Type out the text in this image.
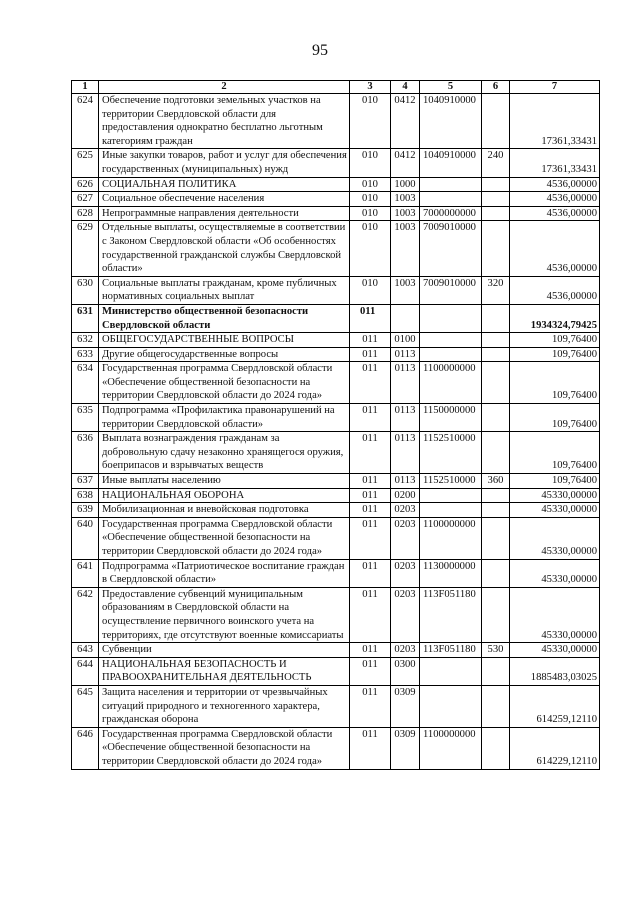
95
1	2	3	4	5	6	7
624	Обеспечение подготовки земельных участков на территории Свердловской области для предоставления однократно бесплатно льготным категориям граждан	010	0412	1040910000		17361,33431
625	Иные закупки товаров, работ и услуг для обеспечения государственных (муниципальных) нужд	010	0412	1040910000	240	17361,33431
626	СОЦИАЛЬНАЯ ПОЛИТИКА	010	1000			4536,00000
627	Социальное обеспечение населения	010	1003			4536,00000
628	Непрограммные направления деятельности	010	1003	7000000000		4536,00000
629	Отдельные выплаты, осуществляемые в соответствии с Законом Свердловской области «Об особенностях государственной гражданской службы Свердловской области»	010	1003	7009010000		4536,00000
630	Социальные выплаты гражданам, кроме публичных нормативных социальных выплат	010	1003	7009010000	320	4536,00000
631	Министерство общественной безопасности Свердловской области	011				1934324,79425
632	ОБЩЕГОСУДАРСТВЕННЫЕ ВОПРОСЫ	011	0100			109,76400
633	Другие общегосударственные вопросы	011	0113			109,76400
634	Государственная программа Свердловской области «Обеспечение общественной безопасности на территории Свердловской области до 2024 года»	011	0113	1100000000		109,76400
635	Подпрограмма «Профилактика правонарушений на территории Свердловской области»	011	0113	1150000000		109,76400
636	Выплата вознаграждения гражданам за добровольную сдачу незаконно хранящегося оружия, боеприпасов и взрывчатых веществ	011	0113	1152510000		109,76400
637	Иные выплаты населению	011	0113	1152510000	360	109,76400
638	НАЦИОНАЛЬНАЯ ОБОРОНА	011	0200			45330,00000
639	Мобилизационная и вневойсковая подготовка	011	0203			45330,00000
640	Государственная программа Свердловской области «Обеспечение общественной безопасности на территории Свердловской области до 2024 года»	011	0203	1100000000		45330,00000
641	Подпрограмма «Патриотическое воспитание граждан в Свердловской области»	011	0203	1130000000		45330,00000
642	Предоставление субвенций муниципальным образованиям в Свердловской области на осуществление первичного воинского учета на территориях, где отсутствуют военные комиссариаты	011	0203	113F051180		45330,00000
643	Субвенции	011	0203	113F051180	530	45330,00000
644	НАЦИОНАЛЬНАЯ БЕЗОПАСНОСТЬ И ПРАВООХРАНИТЕЛЬНАЯ ДЕЯТЕЛЬНОСТЬ	011	0300			1885483,03025
645	Защита населения и территории от чрезвычайных ситуаций природного и техногенного характера, гражданская оборона	011	0309			614259,12110
646	Государственная программа Свердловской области «Обеспечение общественной безопасности на территории Свердловской области до 2024 года»	011	0309	1100000000		614229,12110
